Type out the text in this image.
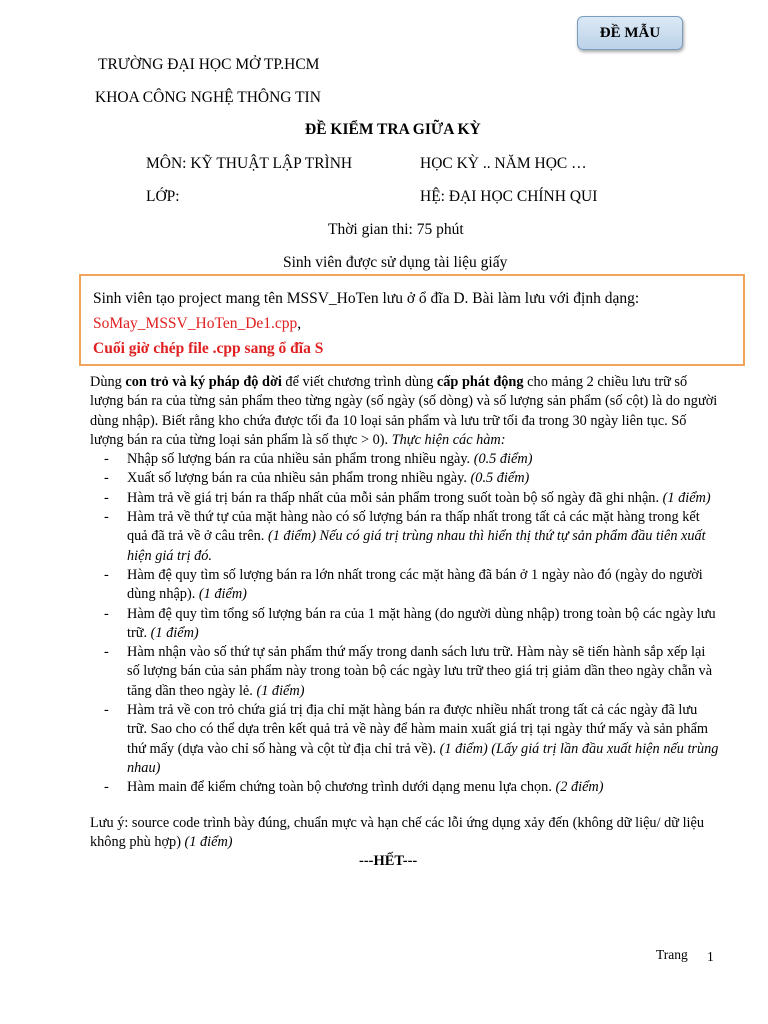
ĐỀ MẪU
TRƯỜNG ĐẠI HỌC MỞ TP.HCM
KHOA CÔNG NGHỆ THÔNG TIN
ĐỀ KIỂM TRA GIỮA KỲ
MÔN: KỸ THUẬT LẬP TRÌNH	HỌC KỲ .. NĂM HỌC …
LỚP:	HỆ: ĐẠI HỌC CHÍNH QUI
Thời gian thi: 75 phút
Sinh viên được sử dụng tài liệu giấy
Sinh viên tạo project mang tên MSSV_HoTen lưu ở ổ đĩa D. Bài làm lưu với định dạng:
SoMay_MSSV_HoTen_De1.cpp,
Cuối giờ chép file .cpp sang ổ đĩa S

Dùng con trỏ và ký pháp độ dời để viết chương trình dùng cấp phát động cho mảng 2 chiều lưu trữ số lượng bán ra của từng sản phẩm theo từng ngày (số ngày (số dòng) và số lượng sản phẩm (số cột) là do người dùng nhập). Biết rằng kho chứa được tối đa 10 loại sản phẩm và lưu trữ tối đa trong 30 ngày liên tục. Số lượng bán ra của từng loại sản phẩm là số thực > 0). Thực hiện các hàm:

- Nhập số lượng bán ra của nhiều sản phẩm trong nhiều ngày. (0.5 điểm)
- Xuất số lượng bán ra của nhiều sản phẩm trong nhiều ngày. (0.5 điểm)
- Hàm trả về giá trị bán ra thấp nhất của mỗi sản phẩm trong suốt toàn bộ số ngày đã ghi nhận. (1 điểm)
- Hàm trả về thứ tự của mặt hàng nào có số lượng bán ra thấp nhất trong tất cả các mặt hàng trong kết quả đã trả về ở câu trên. (1 điểm) Nếu có giá trị trùng nhau thì hiển thị thứ tự sản phẩm đầu tiên xuất hiện giá trị đó.
- Hàm đệ quy tìm số lượng bán ra lớn nhất trong các mặt hàng đã bán ở 1 ngày nào đó (ngày do người dùng nhập). (1 điểm)
- Hàm đệ quy tìm tổng số lượng bán ra của 1 mặt hàng (do người dùng nhập) trong toàn bộ các ngày lưu trữ. (1 điểm)
- Hàm nhận vào số thứ tự sản phẩm thứ mấy trong danh sách lưu trữ. Hàm này sẽ tiến hành sắp xếp lại số lượng bán của sản phẩm này trong toàn bộ các ngày lưu trữ theo giá trị giảm dần theo ngày chẵn và tăng dần theo ngày lẻ. (1 điểm)
- Hàm trả về con trỏ chứa giá trị địa chỉ mặt hàng bán ra được nhiều nhất trong tất cả các ngày đã lưu trữ. Sao cho có thể dựa trên kết quả trả về này để hàm main xuất giá trị tại ngày thứ mấy và sản phẩm thứ mấy (dựa vào chỉ số hàng và cột từ địa chỉ trả về). (1 điểm) (Lấy giá trị lần đầu xuất hiện nếu trùng nhau)
- Hàm main để kiểm chứng toàn bộ chương trình dưới dạng menu lựa chọn. (2 điểm)
Lưu ý: source code trình bày đúng, chuẩn mực và hạn chế các lỗi ứng dụng xảy đến (không dữ liệu/ dữ liệu không phù hợp) (1 điểm)
---HẾT---
Trang 1
